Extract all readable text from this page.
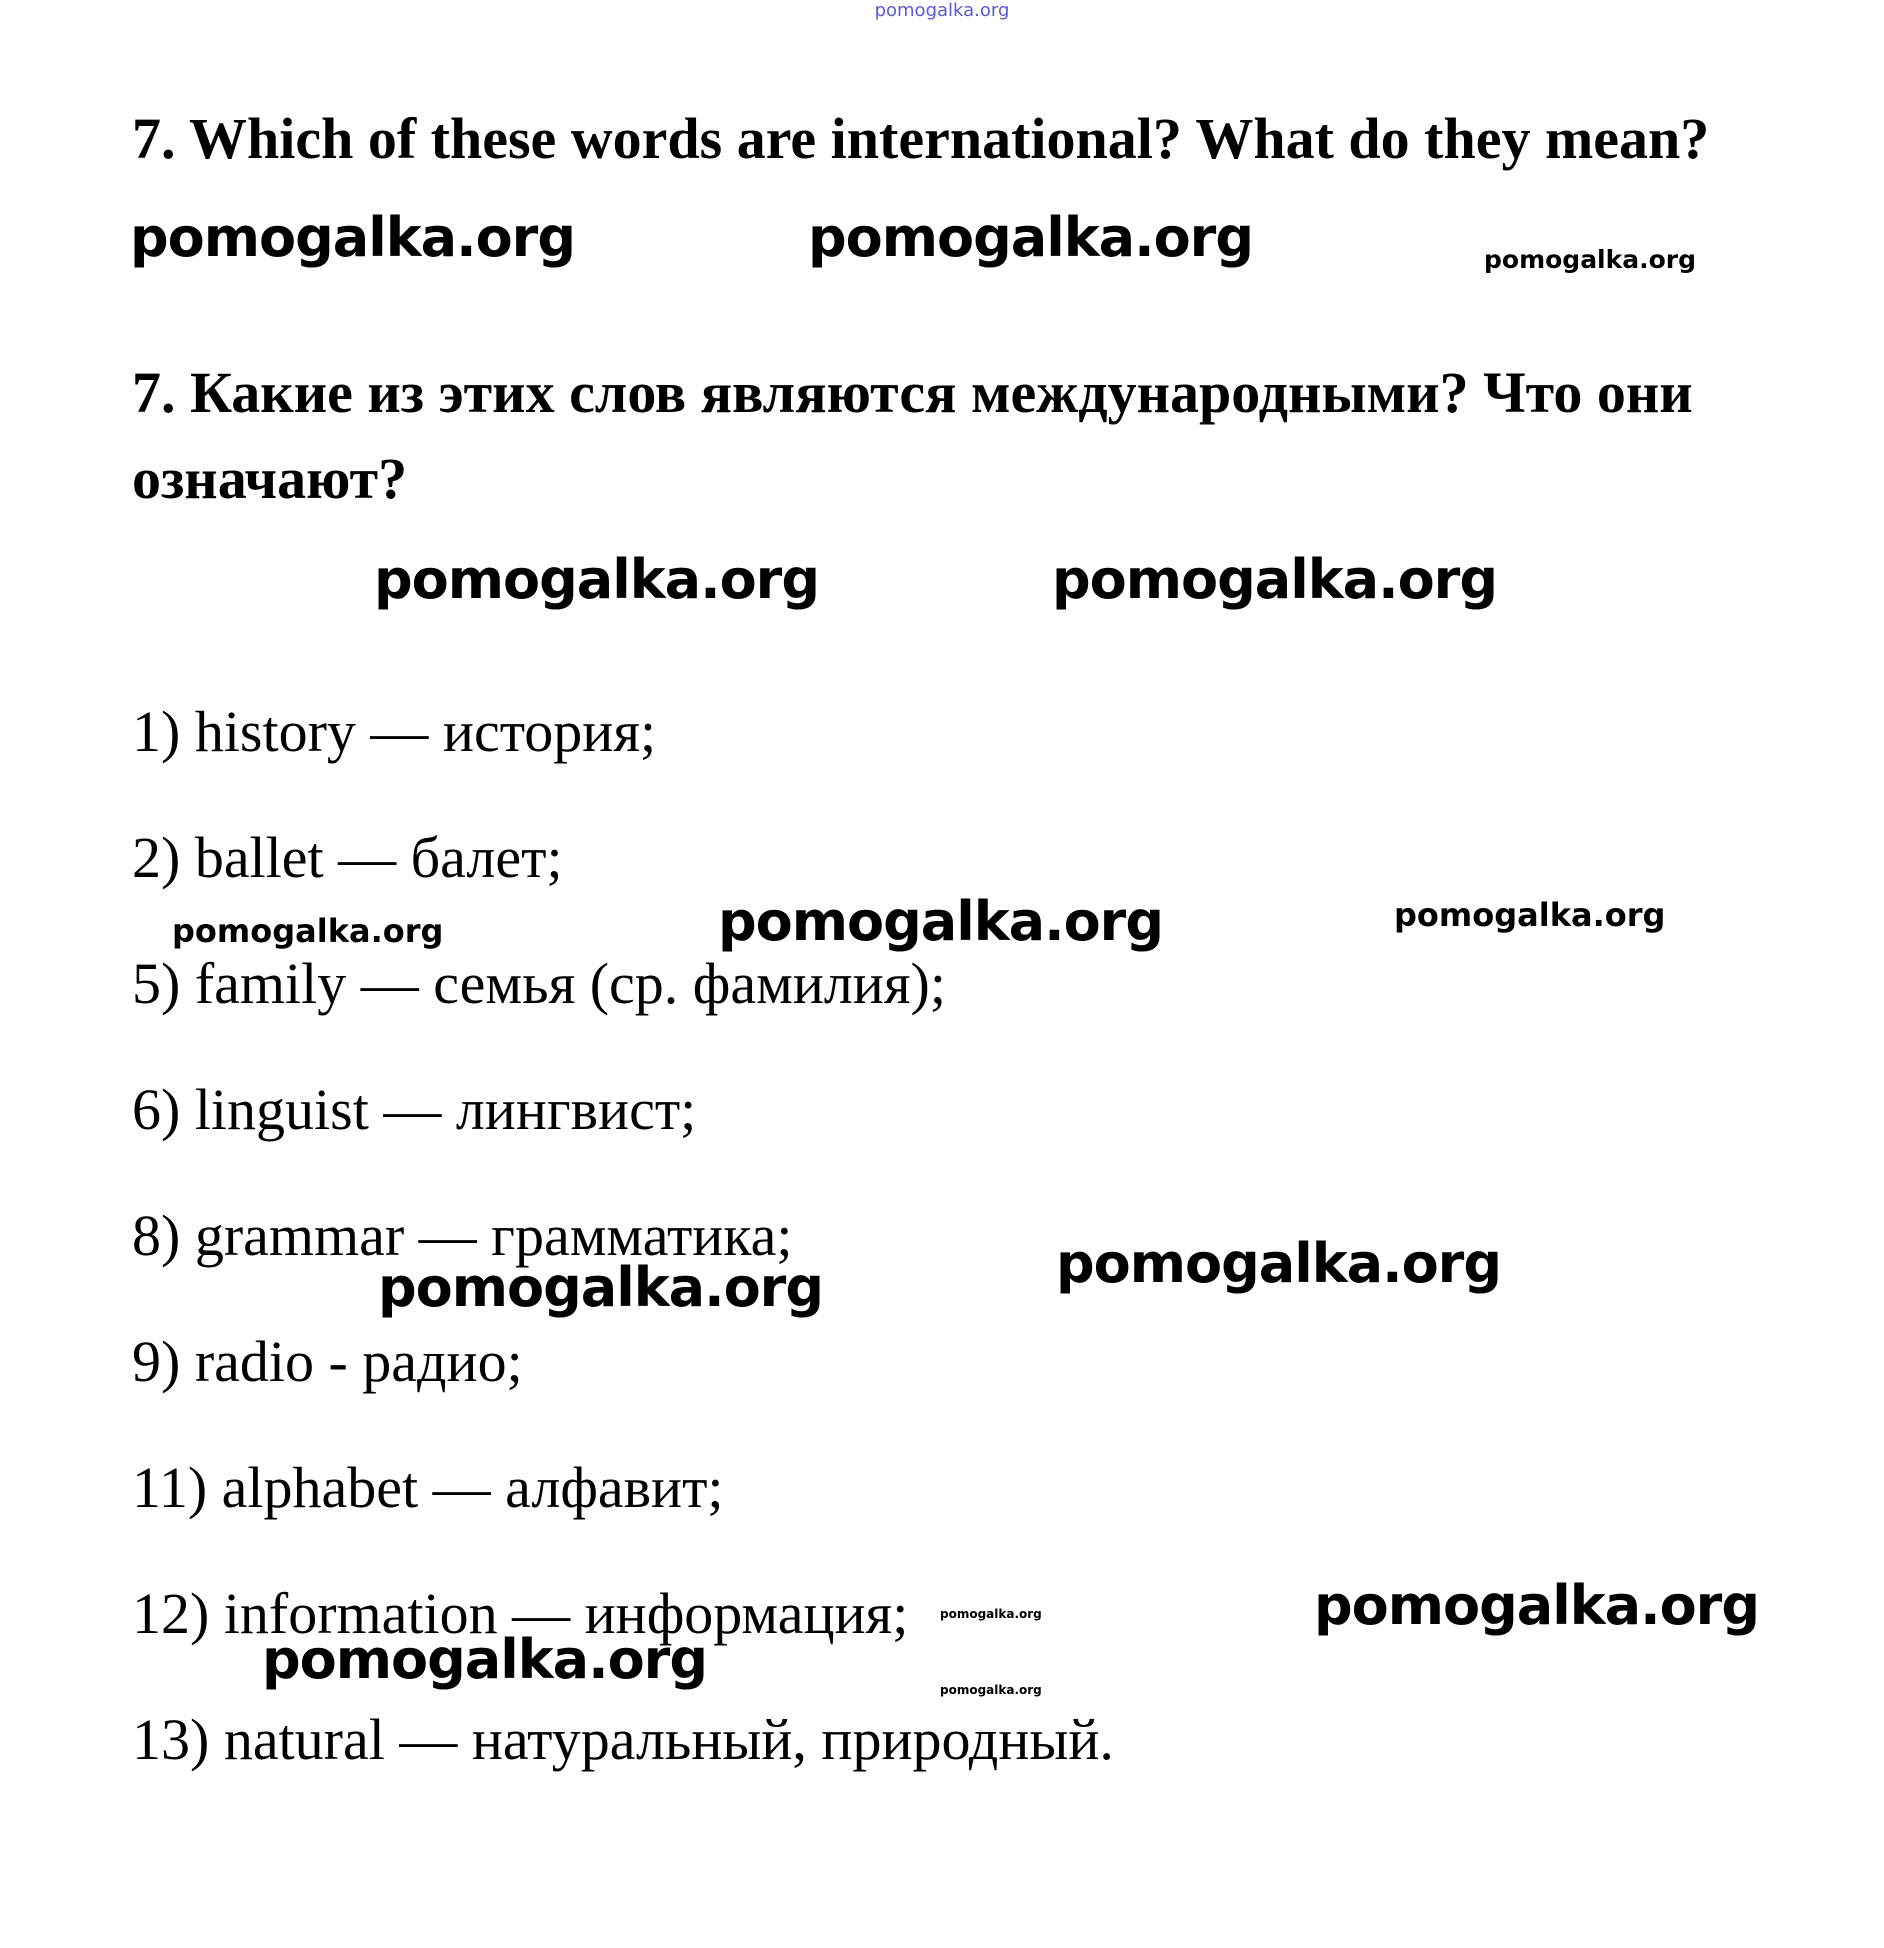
pomogalka.org
7. Which of these words are international? What do they mean?
7. Какие из этих слов являются международными? Что они означают?
1) history — история;
2) ballet — балет;
5) family — семья (ср. фамилия);
6) linguist — лингвист;
8) grammar — грамматика;
9) radio - радио;
11) alphabet — алфавит;
12) information — информация;
13) natural — натуральный, природный.
pomogalka.org	pomogalka.org	pomogalka.org
pomogalka.org	pomogalka.org
pomogalka.org	pomogalka.org	pomogalka.org
pomogalka.org	pomogalka.org
pomogalka.org	pomogalka.org
pomogalka.org	pomogalka.org
